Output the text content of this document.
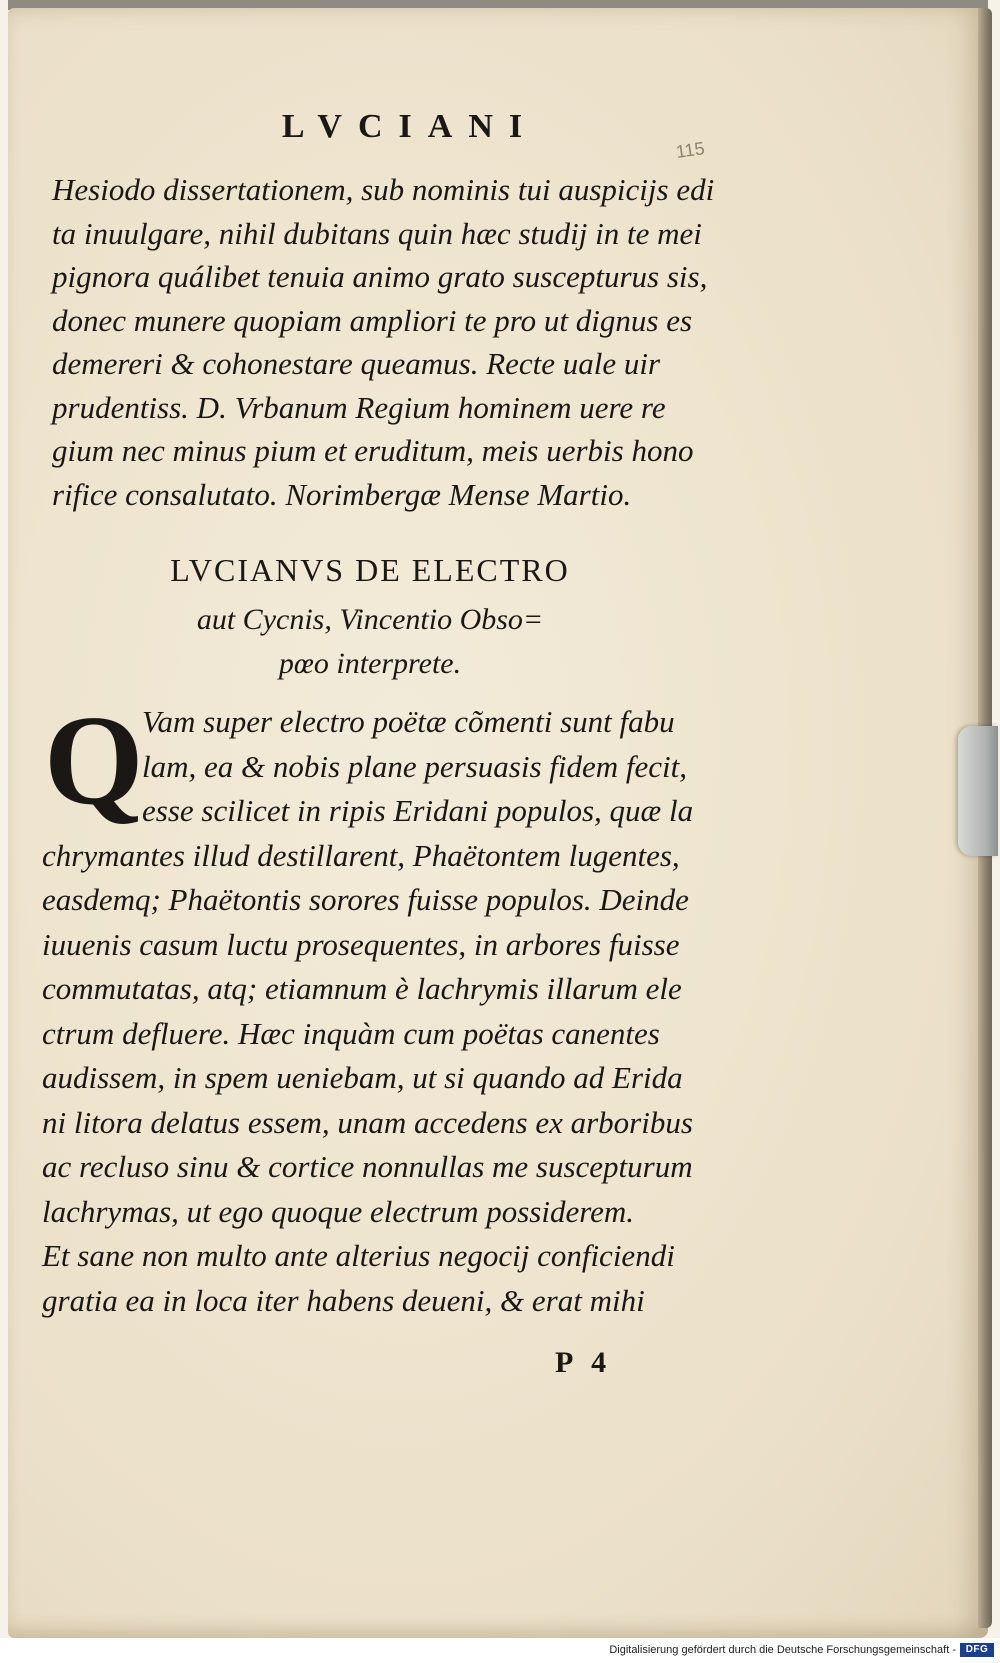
LVCIANI
115
Hesiodo dissertationem, sub nominis tui auspicijs edi
ta inuulgare, nihil dubitans quin hæc studij in te mei
pignora quálibet tenuia animo grato suscepturus sis,
donec munere quopiam ampliori te pro ut dignus es
demereri & cohonestare queamus. Recte uale uir
prudentiss. D. Vrbanum Regium hominem uere re
gium nec minus pium et eruditum, meis uerbis hono
rifice consalutato. Norimbergæ Mense Martio.
LVCIANVS DE ELECTRO
aut Cycnis, Vincentio Obso=
pœo interprete.
Q
Vam super electro poëtæ cõmenti sunt fabu
lam, ea & nobis plane persuasis fidem fecit,
esse scilicet in ripis Eridani populos, quæ la
chrymantes illud destillarent, Phaëtontem lugentes,
easdemq; Phaëtontis sorores fuisse populos. Deinde
iuuenis casum luctu prosequentes, in arbores fuisse
commutatas, atq; etiamnum è lachrymis illarum ele
ctrum defluere. Hæc inquàm cum poëtas canentes
audissem, in spem ueniebam, ut si quando ad Erida
ni litora delatus essem, unam accedens ex arboribus
ac recluso sinu & cortice nonnullas me suscepturum
lachrymas, ut ego quoque electrum possiderem.
Et sane non multo ante alterius negocij conficiendi
gratia ea in loca iter habens deueni, & erat mihi
P 4
Digitalisierung gefördert durch die Deutsche Forschungsgemeinschaft - DFG
